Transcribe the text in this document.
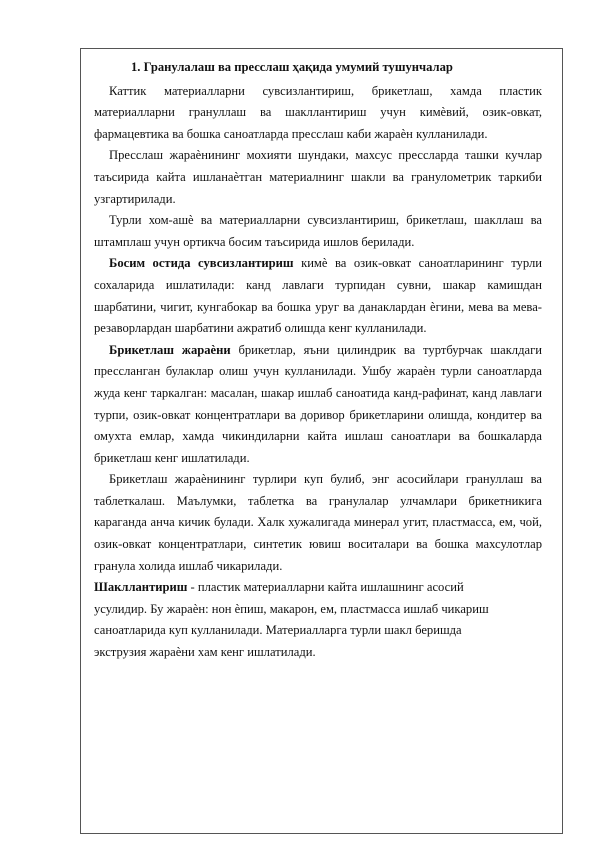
1. Гранулалаш ва пресслаш ҳақида умумий тушунчалар

Каттик материалларни сувсизлантириш, брикетлаш, хамда пластик материалларни грануллаш ва шакллантириш учун кимѐвий, озик-овкат, фармацевтика ва бошка саноатларда пресслаш каби жараѐн кулланилади.

Пресслаш жараѐнининг мохияти шундаки, махсус прессларда ташки кучлар таъсирида кайта ишланаѐтган материалнинг шакли ва гранулометрик таркиби узгартирилади.

Турли хом-ашѐ ва материалларни сувсизлантириш, брикетлаш, шакллаш ва штамплаш учун ортикча босим таъсирида ишлов берилади.

Босим остида сувсизлантириш кимѐ ва озик-овкат саноатларининг турли сохаларида ишлатилади: канд лавлаги турпидан сувни, шакар камишдан шарбатини, чигит, кунгабокар ва бошка уруг ва данаклардан ѐгини, мева ва мева-резаворлардан шарбатини ажратиб олишда кенг кулланилади.

Брикетлаш жараѐни брикетлар, яъни цилиндрик ва туртбурчак шаклдаги прессланган булаклар олиш учун кулланилади. Ушбу жараѐн турли саноатларда жуда кенг таркалган: масалан, шакар ишлаб саноатида канд-рафинат, канд лавлаги турпи, озик-овкат концентратлари ва доривор брикетларини олишда, кондитер ва омухта емлар, хамда чикиндиларни кайта ишлаш саноатлари ва бошкаларда брикетлаш кенг ишлатилади.

Брикетлаш жараѐнининг турлири куп булиб, энг асосийлари грануллаш ва таблеткалаш. Маълумки, таблетка ва гранулалар улчамлари брикетникига караганда анча кичик булади. Халк хужалигада минерал угит, пластмасса, ем, чой, озик-овкат концентратлари, синтетик ювиш воситалари ва бошка махсулотлар гранула холида ишлаб чикарилади.

Шакллантириш - пластик материалларни кайта ишлашнинг асосий
усулидир. Бу жараѐн: нон ѐпиш, макарон, ем, пластмасса ишлаб чикариш
саноатларида куп кулланилади. Материалларга турли шакл беришда
экструзия жараѐни хам кенг ишлатилади.
